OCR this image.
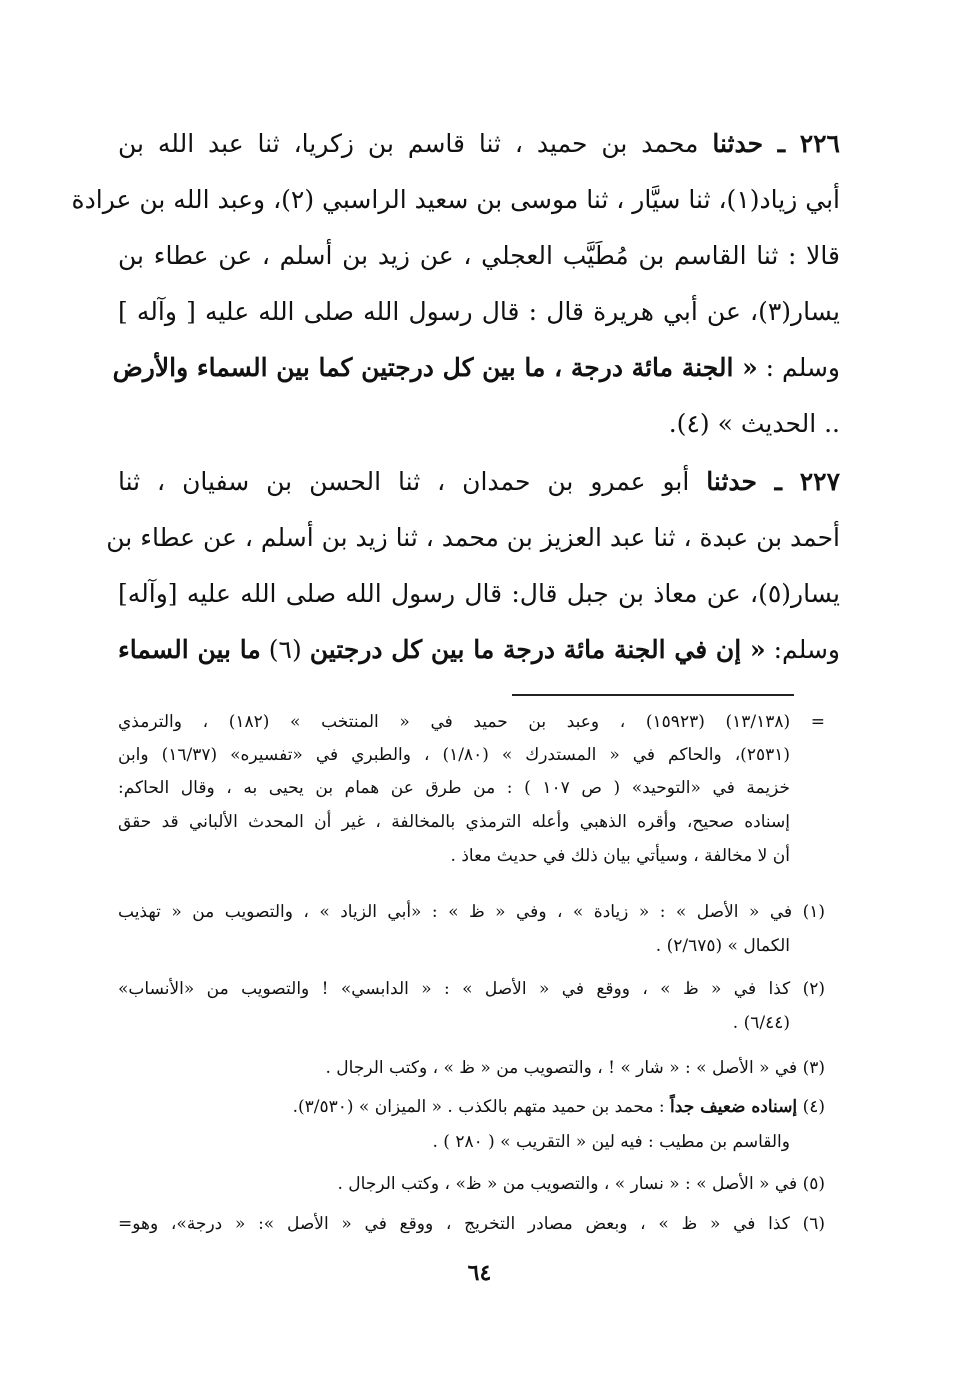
٢٢٦ ـ حدثنا محمد بن حميد ، ثنا قاسم بن زكريا، ثنا عبد الله بن
أبي زياد(١)، ثنا سيَّار ، ثنا موسى بن سعيد الراسبي (٢)، وعبد الله بن عرادة
قالا : ثنا القاسم بن مُطَيَّب العجلي ، عن زيد بن أسلم ، عن عطاء بن
يسار(٣)، عن أبي هريرة قال : قال رسول الله صلى الله عليه [ وآله ]
وسلم : « الجنة مائة درجة ، ما بين كل درجتين كما بين السماء والأرض
.. الحديث » (٤).
٢٢٧ ـ حدثنا أبو عمرو بن حمدان ، ثنا الحسن بن سفيان ، ثنا
أحمد بن عبدة ، ثنا عبد العزيز بن محمد ، ثنا زيد بن أسلم ، عن عطاء بن
يسار(٥)، عن معاذ بن جبل قال: قال رسول الله صلى الله عليه [وآله]
وسلم: « إن في الجنة مائة درجة ما بين كل درجتين (٦) ما بين السماء
= (١٣/١٣٨) (١٥٩٢٣) ، وعبد بن حميد في « المنتخب » (١٨٢) ، والترمذي
(٢٥٣١)، والحاكم في « المستدرك » (١/٨٠) ، والطبري في «تفسيره» (١٦/٣٧) وابن
خزيمة في «التوحيد» ( ص ١٠٧ ) : من طرق عن همام بن يحيى به ، وقال الحاكم:
إسناده صحيح، وأقره الذهبي وأعله الترمذي بالمخالفة ، غير أن المحدث الألباني قد حقق
أن لا مخالفة ، وسيأتي بيان ذلك في حديث معاذ .
(١) في « الأصل » : « زيادة » ، وفي « ظ » : «أبي الزياد » ، والتصويب من « تهذيب
الكمال » (٢/٦٧٥) .
(٢) كذا في « ظ » ، ووقع في « الأصل » : « الدابسي» ! والتصويب من «الأنساب»
(٦/٤٤) .
(٣) في « الأصل » : « شار » ! ، والتصويب من « ظ » ، وكتب الرجال .
(٤) إسناده ضعيف جداً : محمد بن حميد متهم بالكذب . « الميزان » (٣/٥٣٠).
والقاسم بن مطيب : فيه لين « التقريب » ( ٢٨٠ ) .
(٥) في « الأصل » : « نسار » ، والتصويب من « ظ» ، وكتب الرجال .
(٦) كذا في « ظ » ، وبعض مصادر التخريج ، ووقع في « الأصل »: « درجة»، وهو=
٦٤
